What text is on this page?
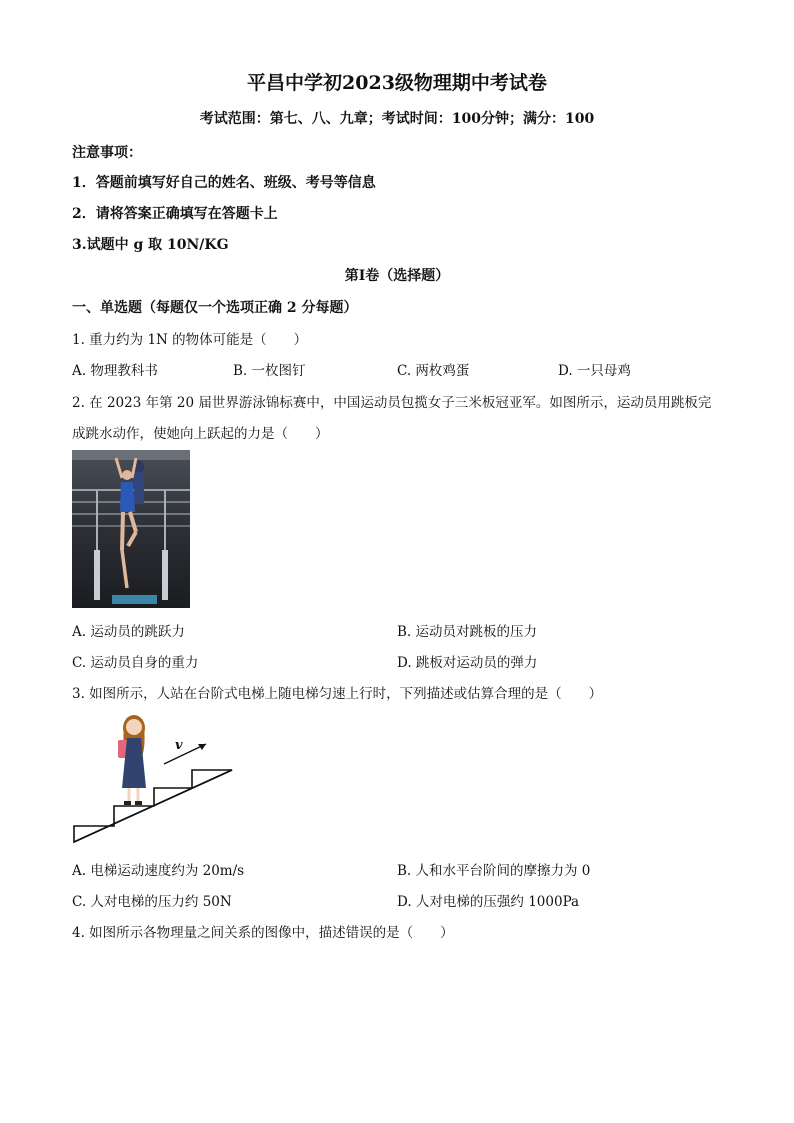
平昌中学初2023级物理期中考试卷
考试范围：第七、八、九章；考试时间：100分钟；满分：100
注意事项：
1．答题前填写好自己的姓名、班级、考号等信息
2．请将答案正确填写在答题卡上
3.试题中 g 取 10N/KG
第Ⅰ卷（选择题）
一、单选题（每题仅一个选项正确 2 分每题）
1. 重力约为 1N 的物体可能是（　　）
A. 物理教科书	B. 一枚图钉	C. 两枚鸡蛋	D. 一只母鸡
2. 在 2023 年第 20 届世界游泳锦标赛中，中国运动员包揽女子三米板冠亚军。如图所示，运动员用跳板完
成跳水动作，使她向上跃起的力是（　　）
A. 运动员的跳跃力	B. 运动员对跳板的压力
C. 运动员自身的重力	D. 跳板对运动员的弹力
3. 如图所示，人站在台阶式电梯上随电梯匀速上行时，下列描述或估算合理的是（　　）
v
A. 电梯运动速度约为 20m/s	B. 人和水平台阶间的摩擦力为 0
C. 人对电梯的压力约 50N	D. 人对电梯的压强约 1000Pa
4. 如图所示各物理量之间关系的图像中，描述错误的是（　　）
